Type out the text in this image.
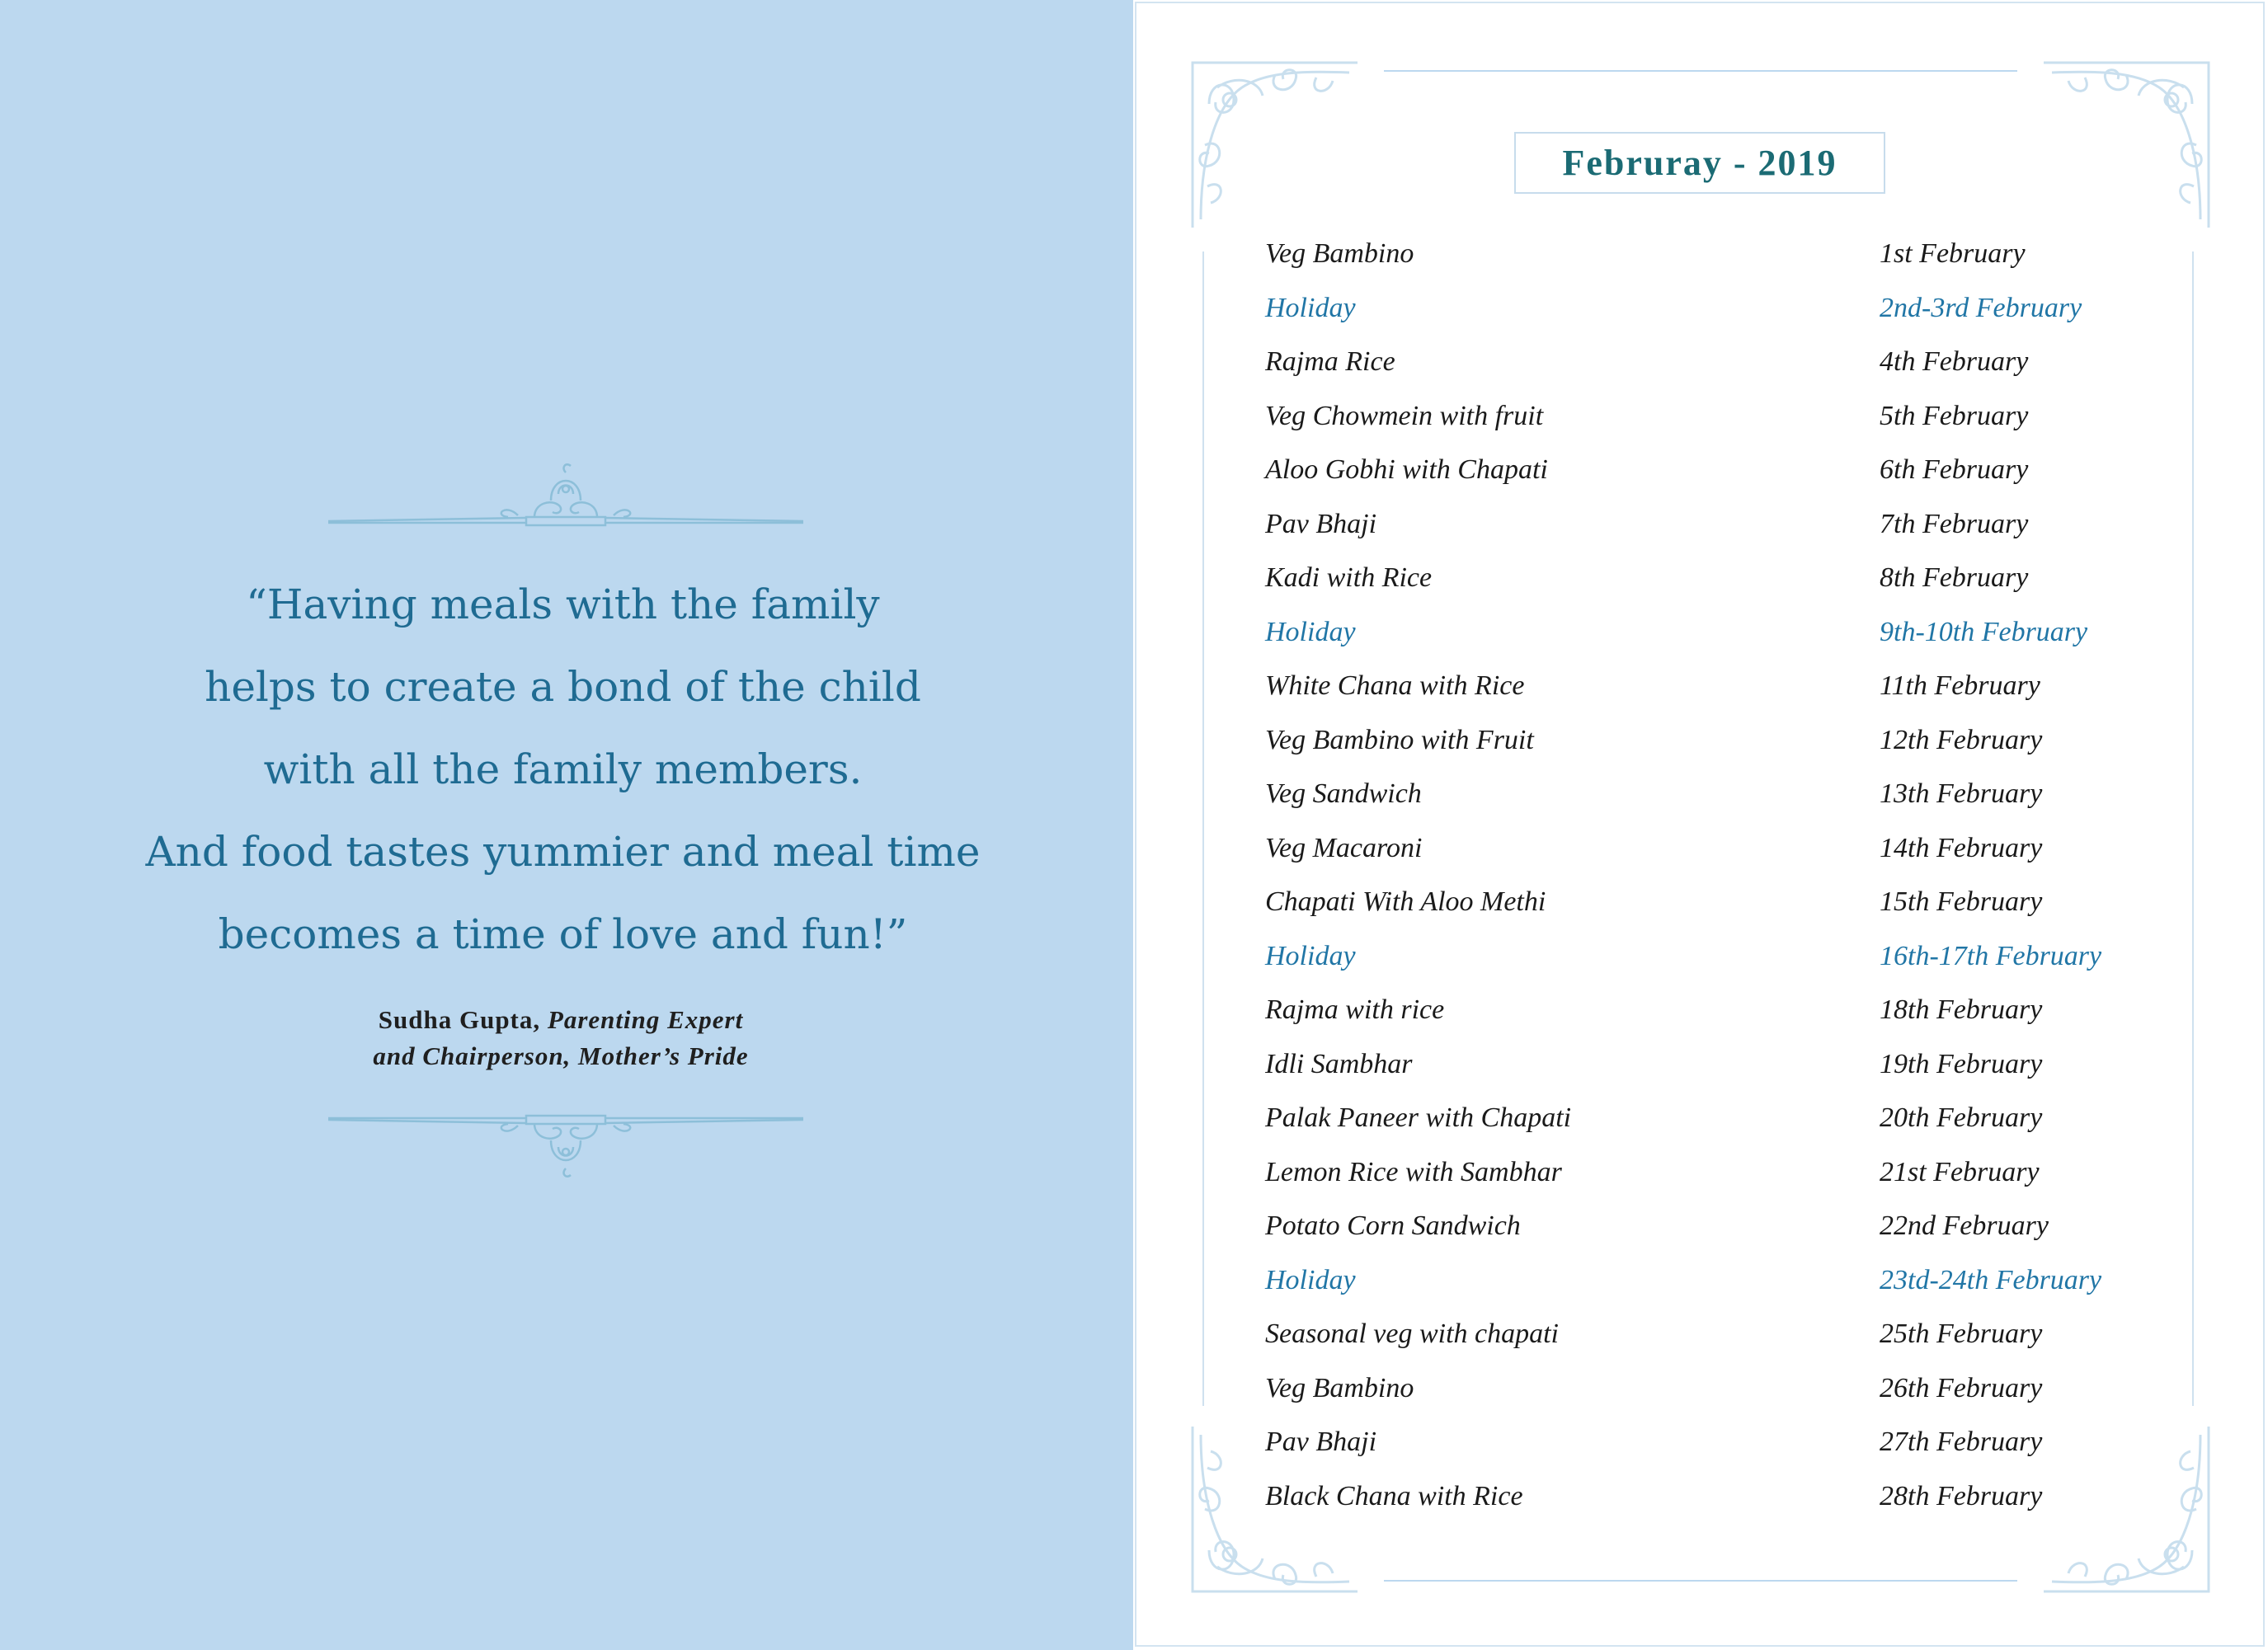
“Having meals with the family
helps to create a bond of the child
with all the family members.
And food tastes yummier and meal time
becomes a time of love and fun!”
Sudha Gupta, Parenting Expert
and Chairperson, Mother’s Pride
Februray - 2019
Veg Bambino	1st February
Holiday	2nd-3rd February
Rajma Rice	4th February
Veg Chowmein with fruit	5th February
Aloo Gobhi with Chapati	6th February
Pav Bhaji	7th February
Kadi with Rice	8th February
Holiday	9th-10th February
White Chana with Rice	11th February
Veg Bambino with Fruit	12th February
Veg Sandwich	13th February
Veg Macaroni	14th February
Chapati With Aloo Methi	15th February
Holiday	16th-17th February
Rajma with rice	18th February
Idli Sambhar	19th February
Palak Paneer with Chapati	20th February
Lemon Rice with Sambhar	21st February
Potato Corn Sandwich	22nd February
Holiday	23td-24th February
Seasonal veg with chapati	25th February
Veg Bambino	26th February
Pav Bhaji	27th February
Black Chana with Rice	28th February
